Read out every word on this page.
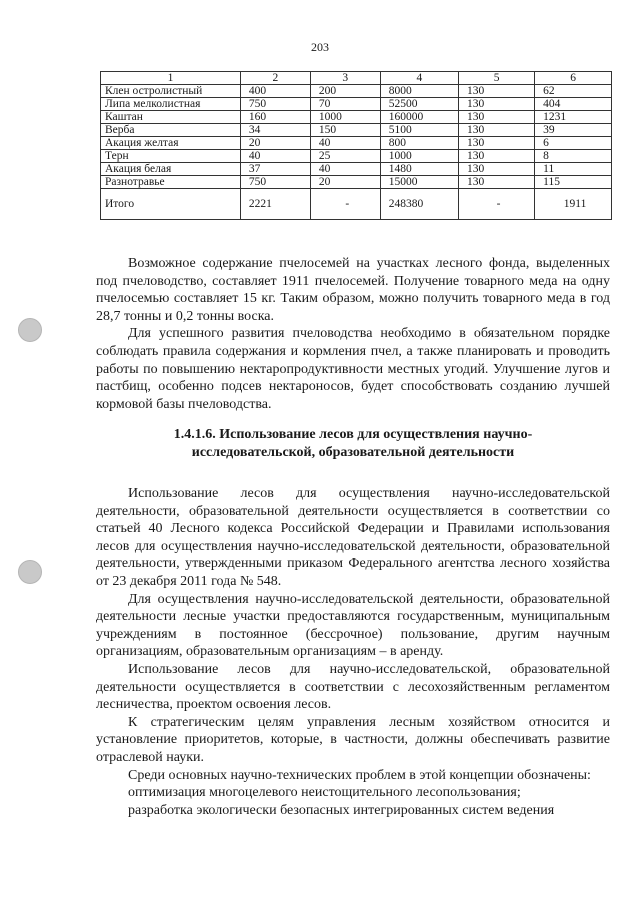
203
1	2	3	4	5	6
Клен остролистный	400	200	8000	130	62
Липа мелколистная	750	70	52500	130	404
Каштан	160	1000	160000	130	1231
Верба	34	150	5100	130	39
Акация желтая	20	40	800	130	6
Терн	40	25	1000	130	8
Акация белая	37	40	1480	130	11
Разнотравье	750	20	15000	130	115
Итого	2221	-	248380	-	1911

Возможное содержание пчелосемей на участках лесного фонда, выделенных под пчеловодство, составляет 1911 пчелосемей. Получение товарного меда на одну пчелосемью составляет 15 кг. Таким образом, можно получить товарного меда в год 28,7 тонны и 0,2 тонны воска.

Для успешного развития пчеловодства необходимо в обязательном порядке соблюдать правила содержания и кормления пчел, а также планировать и проводить работы по повышению нектаропродуктивности местных угодий. Улучшение лугов и пастбищ, особенно подсев нектароносов, будет способствовать созданию лучшей кормовой базы пчеловодства.

1.4.1.6. Использование лесов для осуществления научно-
исследовательской, образовательной деятельности

Использование лесов для осуществления научно-исследовательской деятельности, образовательной деятельности осуществляется в соответствии со статьей 40 Лесного кодекса Российской Федерации и Правилами использования лесов для осуществления научно-исследовательской деятельности, образовательной деятельности, утвержденными приказом Федерального агентства лесного хозяйства от 23 декабря 2011 года № 548.

Для осуществления научно-исследовательской деятельности, образовательной деятельности лесные участки предоставляются государственным, муниципальным учреждениям в постоянное (бессрочное) пользование, другим научным организациям, образовательным организациям – в аренду.

Использование лесов для научно-исследовательской, образовательной деятельности осуществляется в соответствии с лесохозяйственным регламентом лесничества, проектом освоения лесов.

К стратегическим целям управления лесным хозяйством относится и установление приоритетов, которые, в частности, должны обеспечивать развитие отраслевой науки.

Среди основных научно-технических проблем в этой концепции обозначены:

оптимизация многоцелевого неистощительного лесопользования;

разработка экологически безопасных интегрированных систем ведения
